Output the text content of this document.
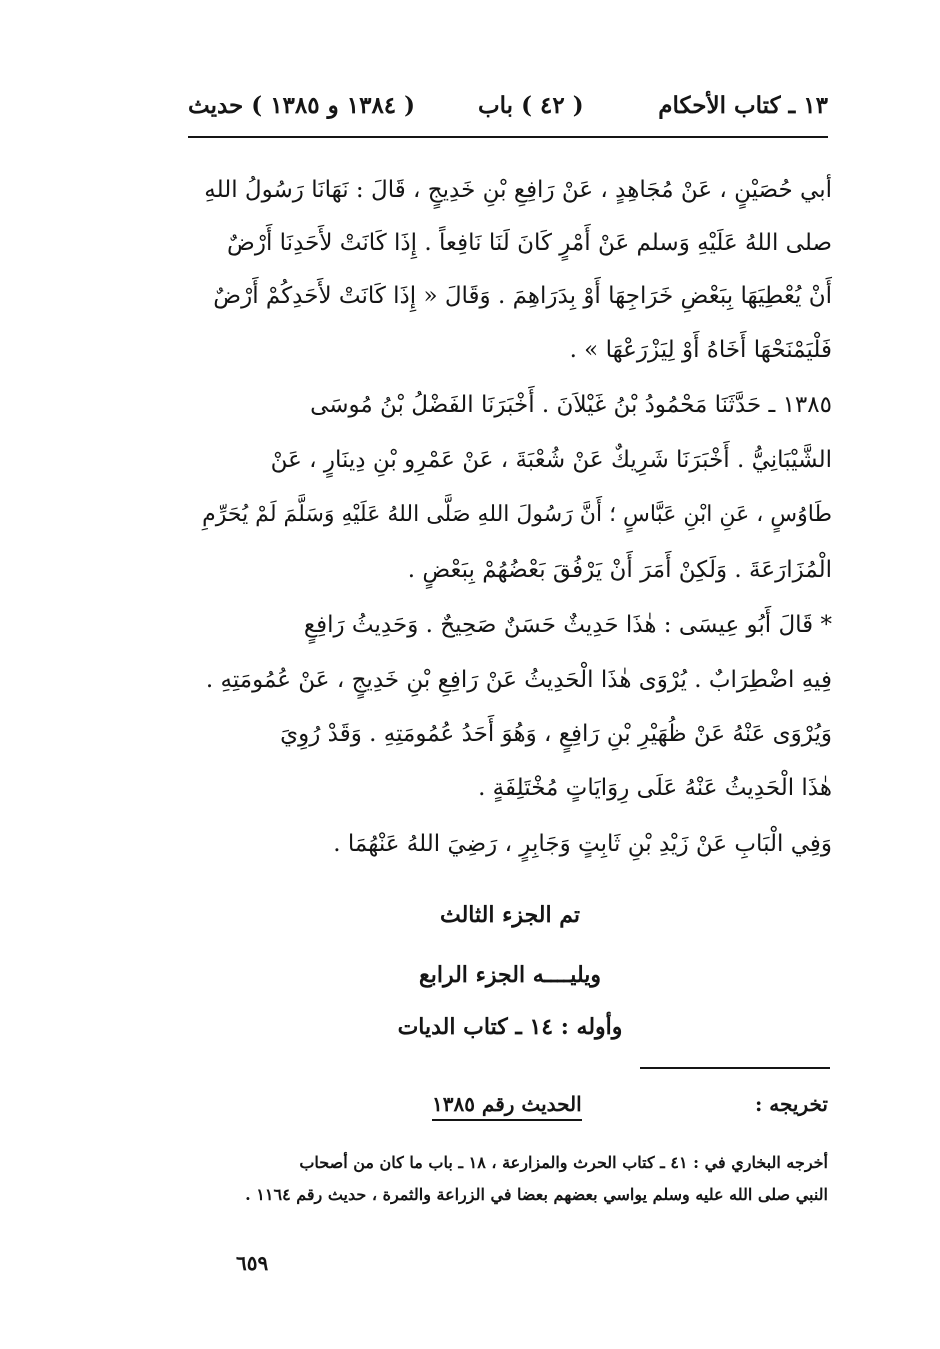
١٣ ـ كتاب الأحكام
( ٤٢ ) باب
( ١٣٨٤ و ١٣٨٥ ) حديث
أبي حُصَيْنٍ ، عَنْ مُجَاهِدٍ ، عَنْ رَافِعِ بْنِ خَدِيجٍ ، قَالَ : نَهَانَا رَسُولُ اللهِ
صلى اللهُ عَلَيْهِ وَسلم عَنْ أَمْرٍ كَانَ لَنَا نَافِعاً . إِذَا كَانَتْ لأَحَدِنَا أَرْضٌ
أَنْ يُعْطِيَهَا بِبَعْضِ خَرَاجِهَا أَوْ بِدَرَاهِمَ . وَقَالَ « إِذَا كَانَتْ لأَحَدِكُمْ أَرْضٌ
فَلْيَمْنَحْهَا أَخَاهُ أَوْ لِيَزْرَعْهَا » .
١٣٨٥ ـ حَدَّثَنَا مَحْمُودُ بْنُ غَيْلاَنَ . أَخْبَرَنَا الفَضْلُ بْنُ مُوسَى
الشَّيْبَانِيُّ . أَخْبَرَنَا شَرِيكٌ عَنْ شُعْبَةَ ، عَنْ عَمْرِو بْنِ دِينَارٍ ، عَنْ
طَاوُسٍ ، عَنِ ابْنِ عَبَّاسٍ ؛ أَنَّ رَسُولَ اللهِ صَلَّى اللهُ عَلَيْهِ وَسَلَّمَ لَمْ يُحَرِّمِ
الْمُزَارَعَةَ . وَلَكِنْ أَمَرَ أَنْ يَرْفُقَ بَعْضُهُمْ بِبَعْضٍ .
* قَالَ أَبُو عِيسَى : هٰذَا حَدِيثٌ حَسَنٌ صَحِيحٌ . وَحَدِيثُ رَافِعٍ
فِيهِ اضْطِرَابٌ . يُرْوَى هٰذَا الْحَدِيثُ عَنْ رَافِعِ بْنِ خَدِيجٍ ، عَنْ عُمُومَتِهِ .
وَيُرْوَى عَنْهُ عَنْ ظُهَيْرِ بْنِ رَافِعٍ ، وَهُوَ أَحَدُ عُمُومَتِهِ . وَقَدْ رُوِيَ
هٰذَا الْحَدِيثُ عَنْهُ عَلَى رِوَايَاتٍ مُخْتَلِفَةٍ .
وَفِي الْبَابِ عَنْ زَيْدِ بْنِ ثَابِتٍ وَجَابِرٍ ، رَضِيَ اللهُ عَنْهُمَا .
تم الجزء الثالث
ويليــــه الجزء الرابع
وأوله : ١٤ ـ كتاب الديات
تخريجه :
الحديث رقم ١٣٨٥
أخرجه البخاري في : ٤١ ـ كتاب الحرث والمزارعة ، ١٨ ـ باب ما كان من أصحاب
النبي صلى الله عليه وسلم يواسي بعضهم بعضا في الزراعة والثمرة ، حديث رقم ١١٦٤ .
٦٥٩
